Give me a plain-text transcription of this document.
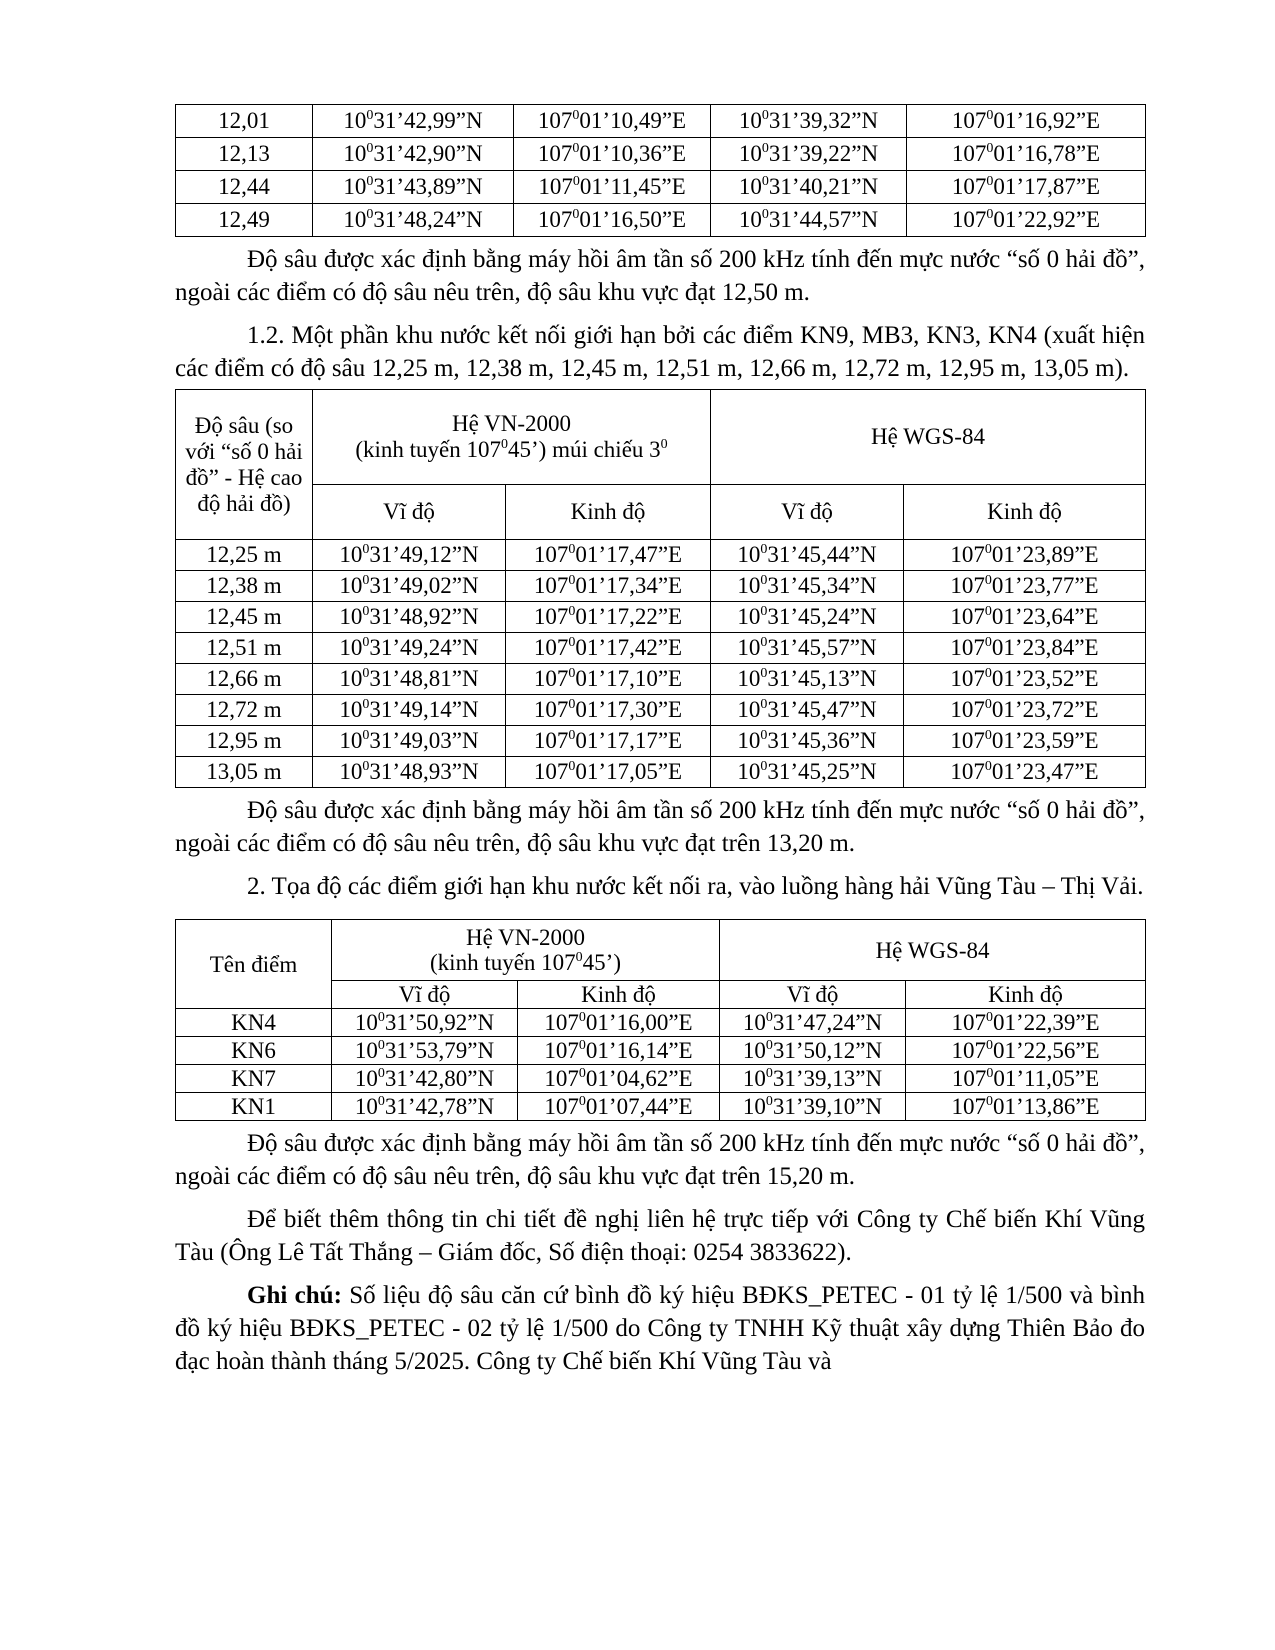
12,01	$10^031’42,99”N$	$107^001’10,49”E$	$10^031’39,32”N$	$107^001’16,92”E$
12,13	$10^031’42,90”N$	$107^001’10,36”E$	$10^031’39,22”N$	$107^001’16,78”E$
12,44	$10^031’43,89”N$	$107^001’11,45”E$	$10^031’40,21”N$	$107^001’17,87”E$
12,49	$10^031’48,24”N$	$107^001’16,50”E$	$10^031’44,57”N$	$107^001’22,92”E$

Độ sâu được xác định bằng máy hồi âm tần số 200 kHz tính đến mực nước “số 0 hải đồ”, ngoài các điểm có độ sâu nêu trên, độ sâu khu vực đạt 12,50 m.

1.2. Một phần khu nước kết nối giới hạn bởi các điểm KN9, MB3, KN3, KN4 (xuất hiện các điểm có độ sâu 12,25 m, 12,38 m, 12,45 m, 12,51 m, 12,66 m, 12,72 m, 12,95 m, 13,05 m).

Độ sâu (so với “số 0 hải đồ” - Hệ cao độ hải đồ)	Hệ VN-2000
(kinh tuyến $107^045$’) múi chiếu $3^0$		Hệ WGS-84	
	Vĩ độ	Kinh độ	Vĩ độ	Kinh độ
12,25 m	$10^031’49,12”N$	$107^001’17,47”E$	$10^031’45,44”N$	$107^001’23,89”E$
12,38 m	$10^031’49,02”N$	$107^001’17,34”E$	$10^031’45,34”N$	$107^001’23,77”E$
12,45 m	$10^031’48,92”N$	$107^001’17,22”E$	$10^031’45,24”N$	$107^001’23,64”E$
12,51 m	$10^031’49,24”N$	$107^001’17,42”E$	$10^031’45,57”N$	$107^001’23,84”E$
12,66 m	$10^031’48,81”N$	$107^001’17,10”E$	$10^031’45,13”N$	$107^001’23,52”E$
12,72 m	$10^031’49,14”N$	$107^001’17,30”E$	$10^031’45,47”N$	$107^001’23,72”E$
12,95 m	$10^031’49,03”N$	$107^001’17,17”E$	$10^031’45,36”N$	$107^001’23,59”E$
13,05 m	$10^031’48,93”N$	$107^001’17,05”E$	$10^031’45,25”N$	$107^001’23,47”E$

Độ sâu được xác định bằng máy hồi âm tần số 200 kHz tính đến mực nước “số 0 hải đồ”, ngoài các điểm có độ sâu nêu trên, độ sâu khu vực đạt trên 13,20 m.

2. Tọa độ các điểm giới hạn khu nước kết nối ra, vào luồng hàng hải Vũng Tàu – Thị Vải.

Tên điểm	Hệ VN-2000
(kinh tuyến $107^045$’)		Hệ WGS-84	
	Vĩ độ	Kinh độ	Vĩ độ	Kinh độ
KN4	$10^031’50,92”N$	$107^001’16,00”E$	$10^031’47,24”N$	$107^001’22,39”E$
KN6	$10^031’53,79”N$	$107^001’16,14”E$	$10^031’50,12”N$	$107^001’22,56”E$
KN7	$10^031’42,80”N$	$107^001’04,62”E$	$10^031’39,13”N$	$107^001’11,05”E$
KN1	$10^031’42,78”N$	$107^001’07,44”E$	$10^031’39,10”N$	$107^001’13,86”E$

Độ sâu được xác định bằng máy hồi âm tần số 200 kHz tính đến mực nước “số 0 hải đồ”, ngoài các điểm có độ sâu nêu trên, độ sâu khu vực đạt trên 15,20 m.

Để biết thêm thông tin chi tiết đề nghị liên hệ trực tiếp với Công ty Chế biến Khí Vũng Tàu (Ông Lê Tất Thắng – Giám đốc, Số điện thoại: 0254 3833622).

Ghi chú: Số liệu độ sâu căn cứ bình đồ ký hiệu BĐKS_PETEC - 01 tỷ lệ 1/500 và bình đồ ký hiệu BĐKS_PETEC - 02 tỷ lệ 1/500 do Công ty TNHH Kỹ thuật xây dựng Thiên Bảo đo đạc hoàn thành tháng 5/2025. Công ty Chế biến Khí Vũng Tàu và
